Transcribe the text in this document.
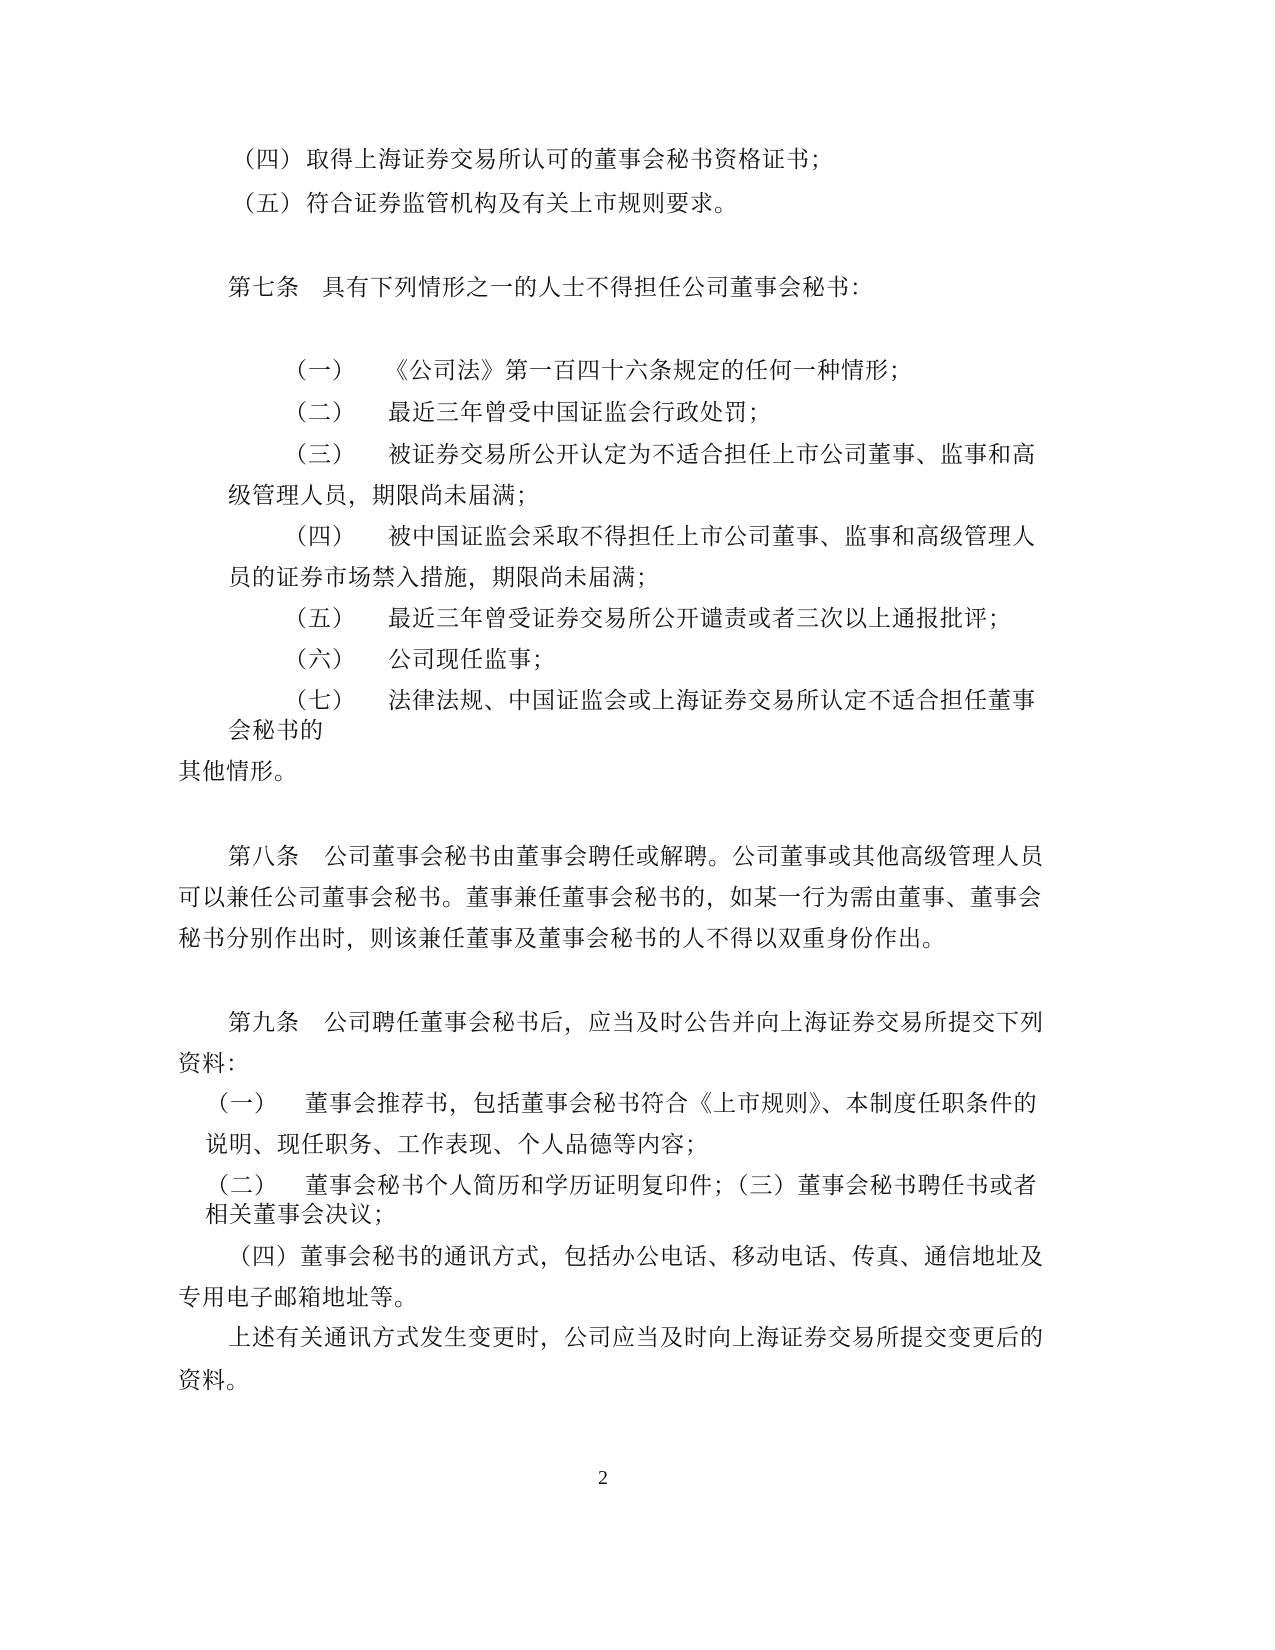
（四） 取得上海证券交易所认可的董事会秘书资格证书；
（五） 符合证券监管机构及有关上市规则要求。
第七条 具有下列情形之一的人士不得担任公司董事会秘书：
（一） 《公司法》第一百四十六条规定的任何一种情形；
（二） 最近三年曾受中国证监会行政处罚；
（三） 被证券交易所公开认定为不适合担任上市公司董事、监事和高
级管理人员，期限尚未届满；
（四） 被中国证监会采取不得担任上市公司董事、监事和高级管理人
员的证券市场禁入措施，期限尚未届满；
（五） 最近三年曾受证券交易所公开谴责或者三次以上通报批评；
（六） 公司现任监事；
（七） 法律法规、中国证监会或上海证券交易所认定不适合担任董事
会秘书的
其他情形。
第八条　公司董事会秘书由董事会聘任或解聘。公司董事或其他高级管理人员
可以兼任公司董事会秘书。董事兼任董事会秘书的，如某一行为需由董事、董事会
秘书分别作出时，则该兼任董事及董事会秘书的人不得以双重身份作出。
第九条　公司聘任董事会秘书后，应当及时公告并向上海证券交易所提交下列
资料：
（一） 董事会推荐书，包括董事会秘书符合《上市规则》、本制度任职条件的
说明、现任职务、工作表现、个人品德等内容；
（二） 董事会秘书个人简历和学历证明复印件；（三）董事会秘书聘任书或者
相关董事会决议；
（四）董事会秘书的通讯方式，包括办公电话、移动电话、传真、通信地址及
专用电子邮箱地址等。
上述有关通讯方式发生变更时，公司应当及时向上海证券交易所提交变更后的
资料。
2
